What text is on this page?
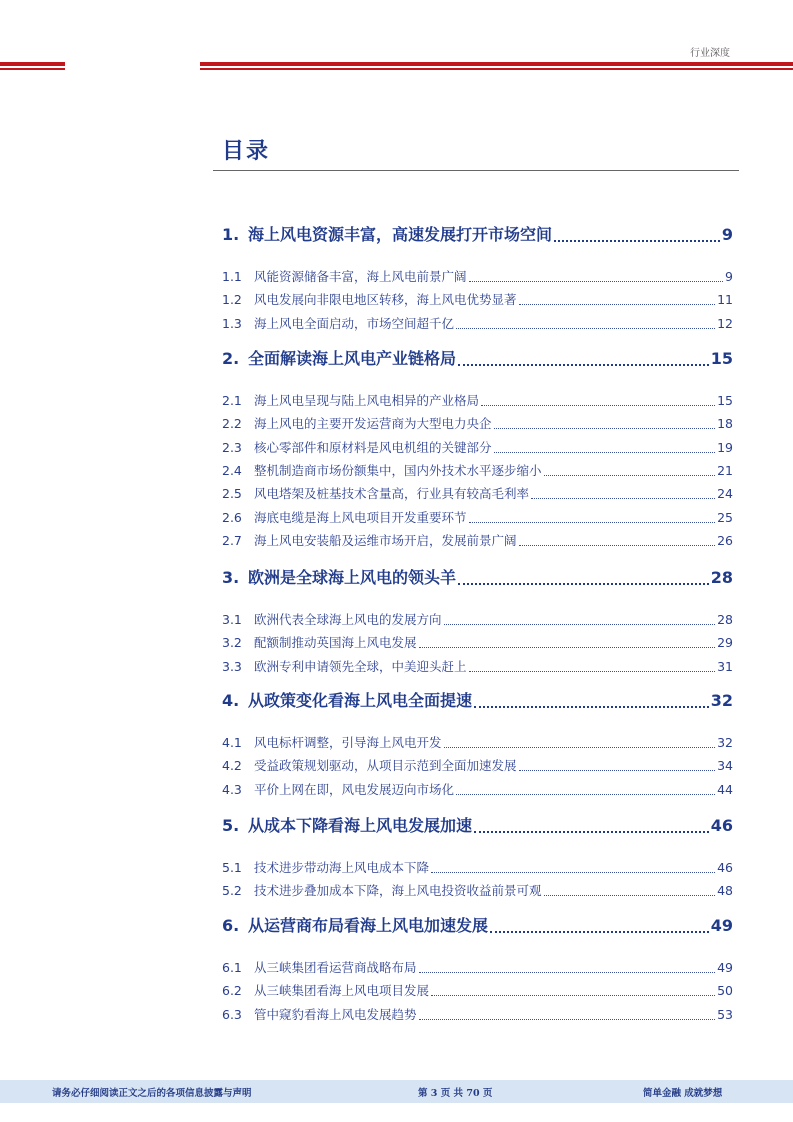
行业深度
目录
1. 海上风电资源丰富，高速发展打开市场空间	9
1.1 风能资源储备丰富，海上风电前景广阔	9
1.2 风电发展向非限电地区转移，海上风电优势显著	11
1.3 海上风电全面启动，市场空间超千亿	12
2. 全面解读海上风电产业链格局	15
2.1 海上风电呈现与陆上风电相异的产业格局	15
2.2 海上风电的主要开发运营商为大型电力央企	18
2.3 核心零部件和原材料是风电机组的关键部分	19
2.4 整机制造商市场份额集中，国内外技术水平逐步缩小	21
2.5 风电塔架及桩基技术含量高，行业具有较高毛利率	24
2.6 海底电缆是海上风电项目开发重要环节	25
2.7 海上风电安装船及运维市场开启，发展前景广阔	26
3. 欧洲是全球海上风电的领头羊	28
3.1 欧洲代表全球海上风电的发展方向	28
3.2 配额制推动英国海上风电发展	29
3.3 欧洲专利申请领先全球，中美迎头赶上	31
4. 从政策变化看海上风电全面提速	32
4.1 风电标杆调整，引导海上风电开发	32
4.2 受益政策规划驱动，从项目示范到全面加速发展	34
4.3 平价上网在即，风电发展迈向市场化	44
5. 从成本下降看海上风电发展加速	46
5.1 技术进步带动海上风电成本下降	46
5.2 技术进步叠加成本下降，海上风电投资收益前景可观	48
6. 从运营商布局看海上风电加速发展	49
6.1 从三峡集团看运营商战略布局	49
6.2 从三峡集团看海上风电项目发展	50
6.3 管中窥豹看海上风电发展趋势	53
请务必仔细阅读正文之后的各项信息披露与声明	第 3 页 共 70 页	简单金融 成就梦想
